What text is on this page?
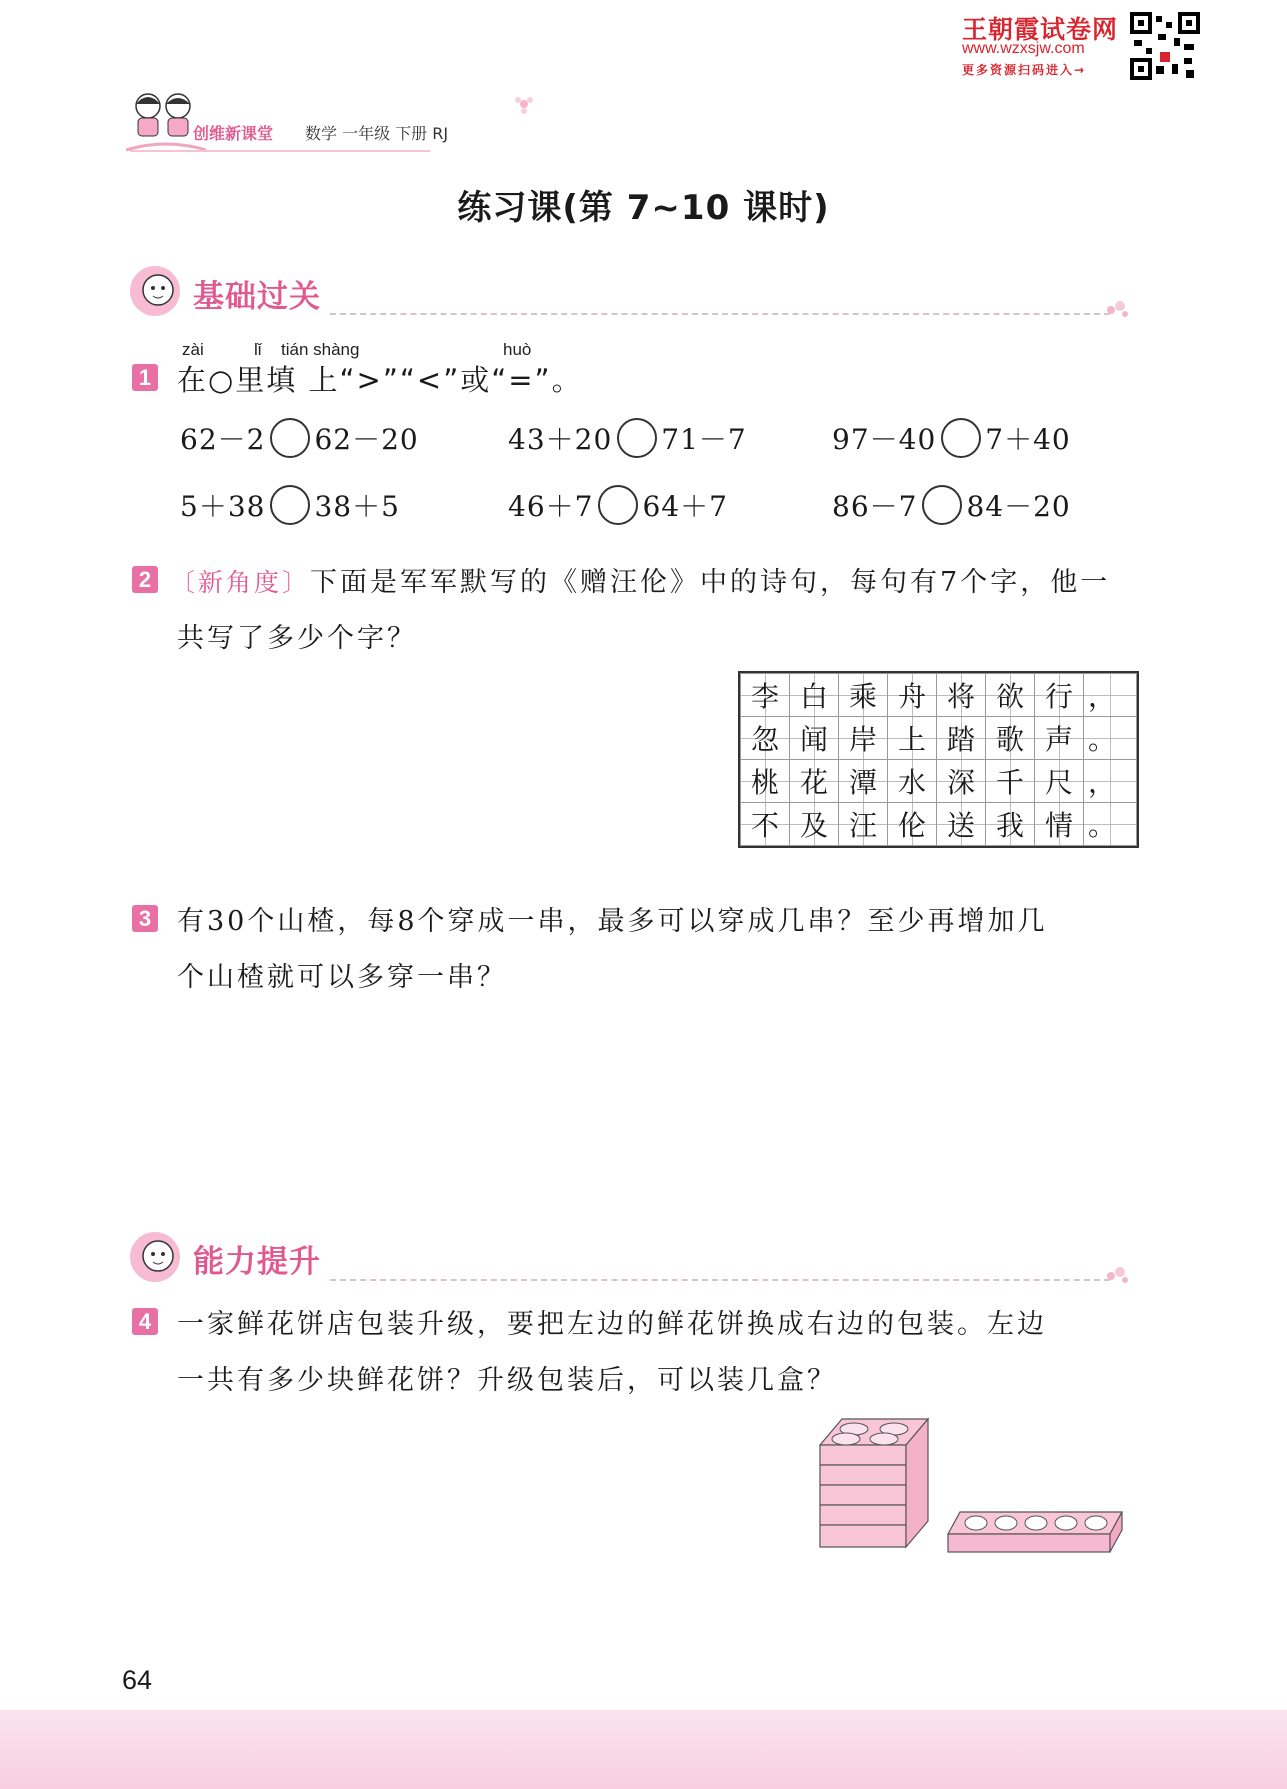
王朝霞试卷网
www.wzxsjw.com
更多资源扫码进入→
创维新课堂 数学 一年级 下册 RJ
练习课(第 7~10 课时)
基础过关
zài	lǐ tián shàng	huò
1 在○里填 上“>”“<”或“=”。
62－2 62－20	43＋20 71－7	97－40 7＋40
5＋38 38＋5	46＋7 64＋7	86－7 84－20
2 〔新角度〕下面是军军默写的《赠汪伦》中的诗句，每句有7个字，他一
共写了多少个字？
李	白	乘	舟	将	欲	行	，
忽	闻	岸	上	踏	歌	声	。
桃	花	潭	水	深	千	尺	，
不	及	汪	伦	送	我	情	。
3 有30个山楂，每8个穿成一串，最多可以穿成几串？至少再增加几
个山楂就可以多穿一串？
能力提升
4 一家鲜花饼店包装升级，要把左边的鲜花饼换成右边的包装。左边
一共有多少块鲜花饼？升级包装后，可以装几盒？
64
